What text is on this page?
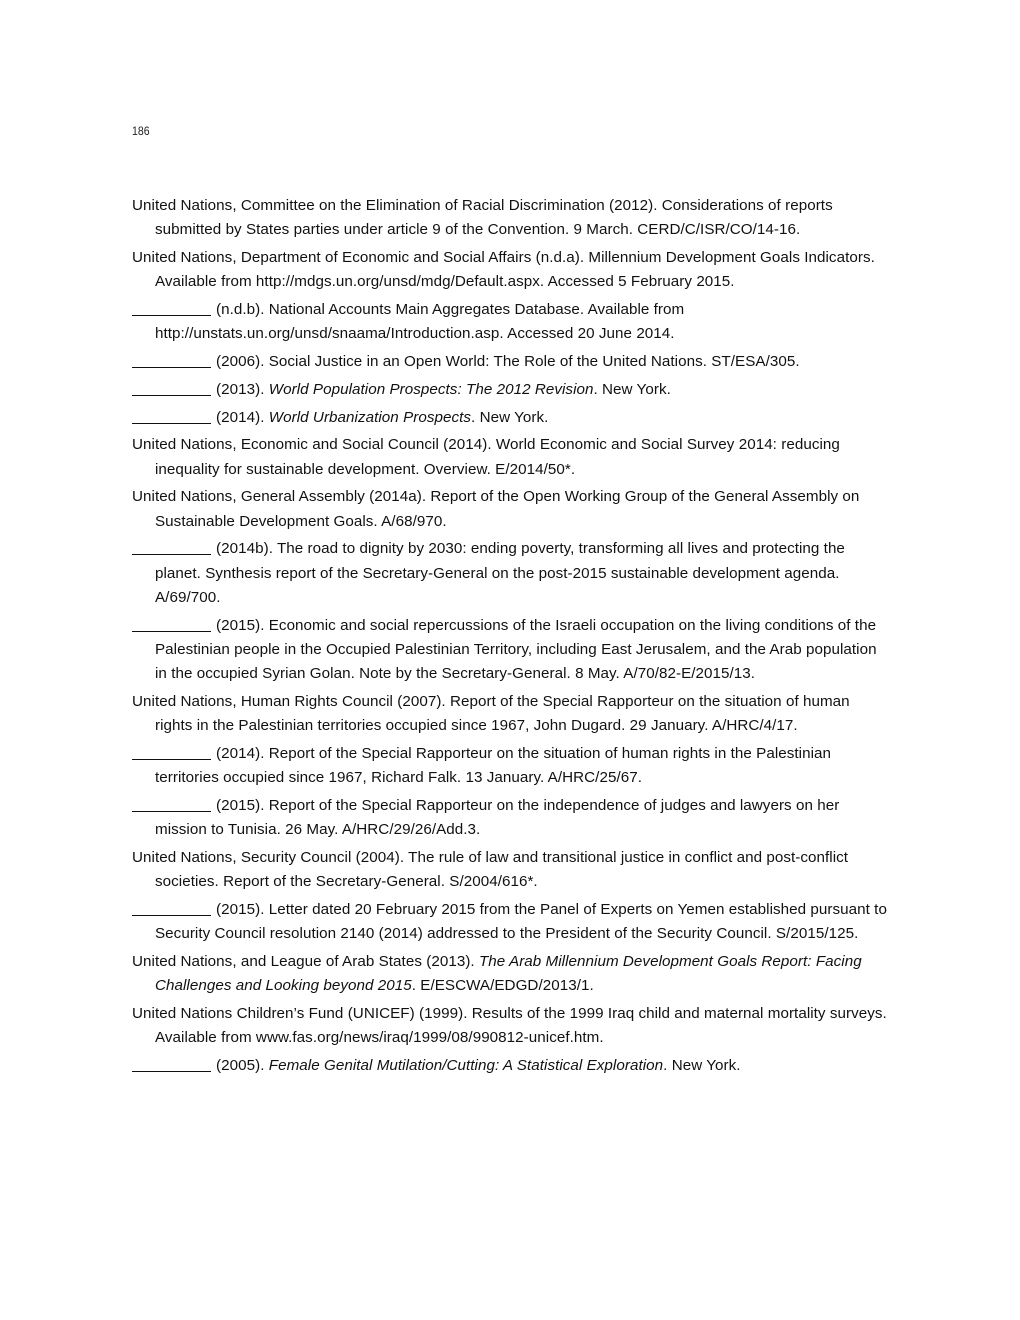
186

United Nations, Committee on the Elimination of Racial Discrimination (2012). Considerations of reports submitted by States parties under article 9 of the Convention. 9 March. CERD/C/ISR/CO/14-16.

United Nations, Department of Economic and Social Affairs (n.d.a). Millennium Development Goals Indicators. Available from http://mdgs.un.org/unsd/mdg/Default.aspx. Accessed 5 February 2015.

(n.d.b). National Accounts Main Aggregates Database. Available from http://unstats.un.org/unsd/snaama/Introduction.asp. Accessed 20 June 2014.

(2006). Social Justice in an Open World: The Role of the United Nations. ST/ESA/305.

(2013). World Population Prospects: The 2012 Revision. New York.

(2014). World Urbanization Prospects. New York.

United Nations, Economic and Social Council (2014). World Economic and Social Survey 2014: reducing inequality for sustainable development. Overview. E/2014/50*.

United Nations, General Assembly (2014a). Report of the Open Working Group of the General Assembly on Sustainable Development Goals. A/68/970.

(2014b). The road to dignity by 2030: ending poverty, transforming all lives and protecting the planet. Synthesis report of the Secretary-General on the post-2015 sustainable development agenda. A/69/700.

(2015). Economic and social repercussions of the Israeli occupation on the living conditions of the Palestinian people in the Occupied Palestinian Territory, including East Jerusalem, and the Arab population in the occupied Syrian Golan. Note by the Secretary-General. 8 May. A/70/82-E/2015/13.

United Nations, Human Rights Council (2007). Report of the Special Rapporteur on the situation of human rights in the Palestinian territories occupied since 1967, John Dugard. 29 January. A/HRC/4/17.

(2014). Report of the Special Rapporteur on the situation of human rights in the Palestinian territories occupied since 1967, Richard Falk. 13 January. A/HRC/25/67.

(2015). Report of the Special Rapporteur on the independence of judges and lawyers on her mission to Tunisia. 26 May. A/HRC/29/26/Add.3.

United Nations, Security Council (2004). The rule of law and transitional justice in conflict and post-conflict societies. Report of the Secretary-General. S/2004/616*.

(2015). Letter dated 20 February 2015 from the Panel of Experts on Yemen established pursuant to Security Council resolution 2140 (2014) addressed to the President of the Security Council. S/2015/125.

United Nations, and League of Arab States (2013). The Arab Millennium Development Goals Report: Facing Challenges and Looking beyond 2015. E/ESCWA/EDGD/2013/1.

United Nations Children’s Fund (UNICEF) (1999). Results of the 1999 Iraq child and maternal mortality surveys. Available from www.fas.org/news/iraq/1999/08/990812-unicef.htm.

(2005). Female Genital Mutilation/Cutting: A Statistical Exploration. New York.
